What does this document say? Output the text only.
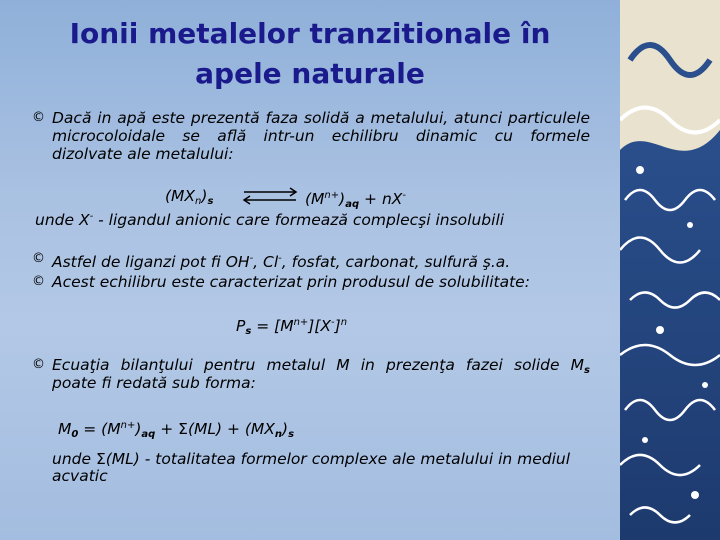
Ionii metalelor tranzitionale în
apele naturale
© Dacă in apă este prezentă faza solidă a metalului, atunci particulele
microcoloidale se află intr-un echilibru dinamic cu formele
dizolvate ale metalului:
$(MX_n)_s$ ⇌ $(M^{n+})_{aq} + nX^-$
unde X- - ligandul anionic care formează complecşi insolubili
© Astfel de liganzi pot fi OH-, Cl-, fosfat, carbonat, sulfură ş.a.
© Acest echilibru este caracterizat prin produsul de solubilitate:
$P_s = [M^{n+}][X^-]^n$
© Ecuaţia bilanţului pentru metalul M in prezenţa fazei solide $M_s$
poate fi redată sub forma:
$M_0 = (M^{n+})_{aq} + \Sigma(ML) + (MX_n)_s$
unde Σ(ML) - totalitatea formelor complexe ale metalului in mediul
acvatic
